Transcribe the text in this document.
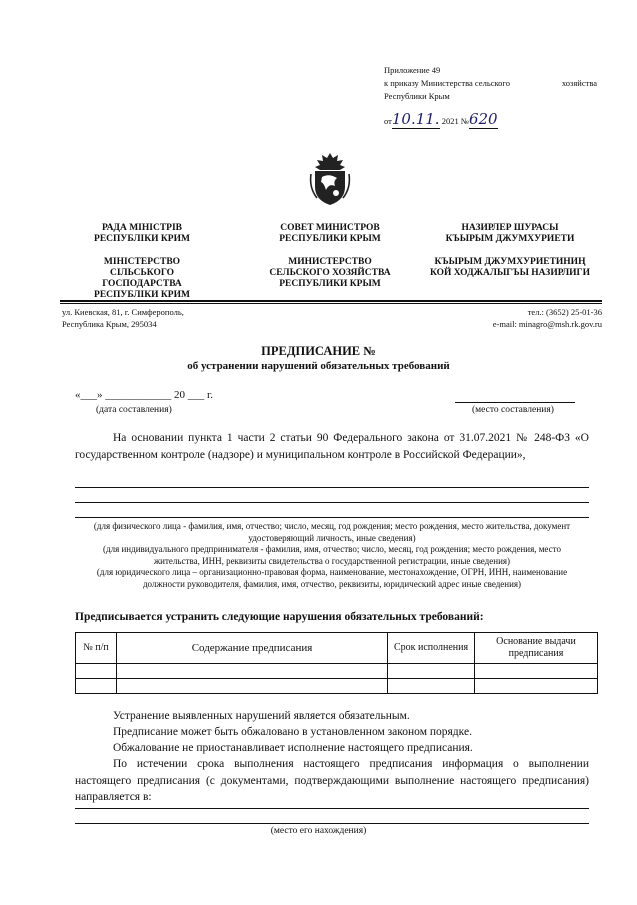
Приложение 49
к приказу Министерства сельского	хозяйства
Республики Крым
от10.11. 2021 №620
РАДА МІНІСТРІВ
РЕСПУБЛІКИ КРИМ
МІНІСТЕРСТВО
СІЛЬСЬКОГО
ГОСПОДАРСТВА
РЕСПУБЛІКИ КРИМ
СОВЕТ МИНИСТРОВ
РЕСПУБЛИКИ КРЫМ
МИНИСТЕРСТВО
СЕЛЬСКОГО ХОЗЯЙСТВА
РЕСПУБЛИКИ КРЫМ
НАЗИРЛЕР ШУРАСЫ
КЪЫРЫМ ДЖУМХУРИЕТИ
КЪЫРЫМ ДЖУМХУРИЕТИНИҢ
КОЙ ХОДЖАЛЫГЪЫ НАЗИРЛИГИ
ул. Киевская, 81, г. Симферополь,
Республика Крым, 295034
тел.: (3652) 25-01-36
e-mail: minagro@msh.rk.gov.ru
ПРЕДПИСАНИЕ №
об устранении нарушений обязательных требований
«___» ____________ 20 ___ г.
(дата составления)	(место составления)
На основании пункта 1 части 2 статьи 90 Федерального закона от 31.07.2021 № 248-ФЗ «О государственном контроле (надзоре) и муниципальном контроле в Российской Федерации»,
(для физического лица - фамилия, имя, отчество; число, месяц, год рождения; место рождения, место жительства, документ удостоверяющий личность, иные сведения)
(для индивидуального предпринимателя - фамилия, имя, отчество; число, месяц, год рождения; место рождения, место жительства, ИНН, реквизиты свидетельства о государственной регистрации, иные сведения)
(для юридического лица – организационно-правовая форма, наименование, местонахождение, ОГРН, ИНН, наименование должности руководителя, фамилия, имя, отчество, реквизиты, юридический адрес иные сведения)
Предписывается устранить следующие нарушения обязательных требований:
№ п/п	Содержание предписания	Срок исполнения	Основание выдачи предписания

Устранение выявленных нарушений является обязательным.
Предписание может быть обжаловано в установленном законом порядке.
Обжалование не приостанавливает исполнение настоящего предписания.
По истечении срока выполнения настоящего предписания информация о выполнении настоящего предписания (с документами, подтверждающими выполнение настоящего предписания) направляется в:
(место его нахождения)
